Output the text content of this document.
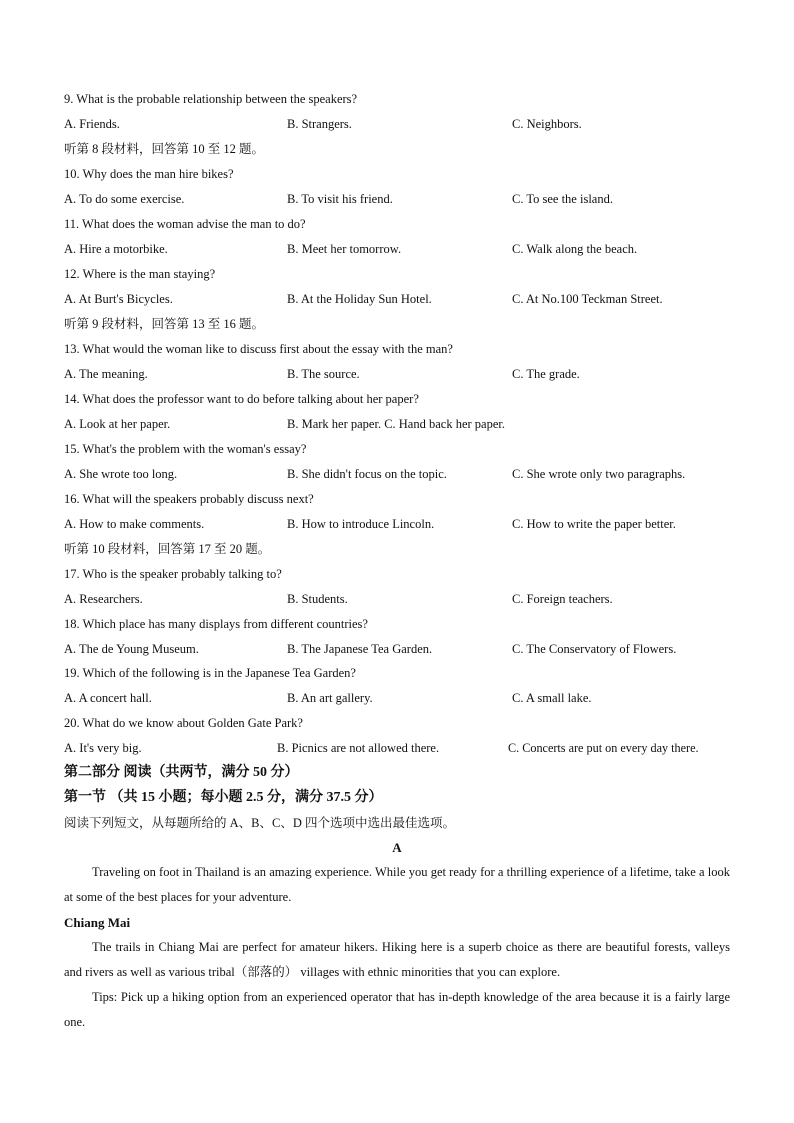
9. What is the probable relationship between the speakers?
A. Friends.	B. Strangers.	C. Neighbors.
听第 8 段材料，回答第 10 至 12 题。
10. Why does the man hire bikes?
A. To do some exercise.	B. To visit his friend.	C. To see the island.
11. What does the woman advise the man to do?
A. Hire a motorbike.	B. Meet her tomorrow.	C. Walk along the beach.
12. Where is the man staying?
A. At Burt's Bicycles.	B. At the Holiday Sun Hotel.	C. At No.100 Teckman Street.
听第 9 段材料，回答第 13 至 16 题。
13. What would the woman like to discuss first about the essay with the man?
A. The meaning.	B. The source.	C. The grade.
14. What does the professor want to do before talking about her paper?
A. Look at her paper.	B. Mark her paper. C. Hand back her paper.
15. What's the problem with the woman's essay?
A. She wrote too long.	B. She didn't focus on the topic.	C. She wrote only two paragraphs.
16. What will the speakers probably discuss next?
A. How to make comments.	B. How to introduce Lincoln.	C. How to write the paper better.
听第 10 段材料，回答第 17 至 20 题。
17. Who is the speaker probably talking to?
A. Researchers.	B. Students.	C. Foreign teachers.
18. Which place has many displays from different countries?
A. The de Young Museum.	B. The Japanese Tea Garden.	C. The Conservatory of Flowers.
19. Which of the following is in the Japanese Tea Garden?
A. A concert hall.	B. An art gallery.	C. A small lake.
20. What do we know about Golden Gate Park?
A. It's very big.	B. Picnics are not allowed there.	C. Concerts are put on every day there.
第二部分 阅读（共两节，满分 50 分）
第一节 （共 15 小题；每小题 2.5 分，满分 37.5 分）
阅读下列短文，从每题所给的 A、B、C、D 四个选项中选出最佳选项。
A
Traveling on foot in Thailand is an amazing experience. While you get ready for a thrilling experience of a lifetime, take a look at some of the best places for your adventure.
Chiang Mai
The trails in Chiang Mai are perfect for amateur hikers. Hiking here is a superb choice as there are beautiful forests, valleys and rivers as well as various tribal（部落的） villages with ethnic minorities that you can explore.
Tips: Pick up a hiking option from an experienced operator that has in-depth knowledge of the area because it is a fairly large one.
